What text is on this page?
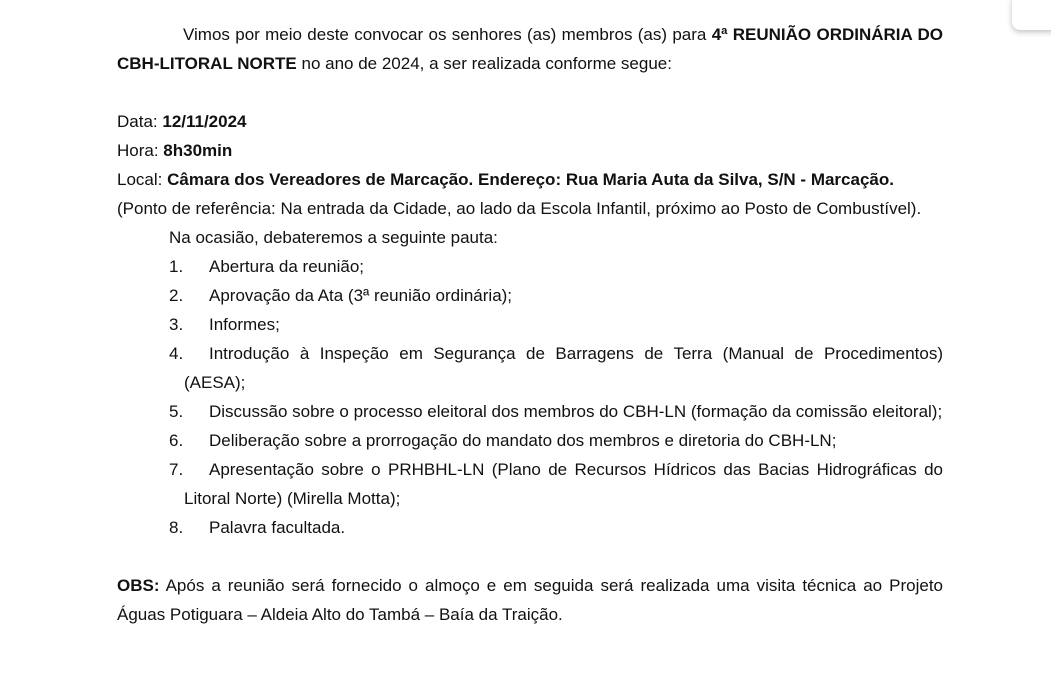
Vimos por meio deste convocar os senhores (as) membros (as) para 4ª REUNIÃO ORDINÁRIA DO CBH-LITORAL NORTE no ano de 2024, a ser realizada conforme segue:

Data: 12/11/2024

Hora: 8h30min

Local: Câmara dos Vereadores de Marcação. Endereço: Rua Maria Auta da Silva, S/N - Marcação.

(Ponto de referência: Na entrada da Cidade, ao lado da Escola Infantil, próximo ao Posto de Combustível).

Na ocasião, debateremos a seguinte pauta:

1. Abertura da reunião;
2. Aprovação da Ata (3ª reunião ordinária);
3. Informes;
4. Introdução à Inspeção em Segurança de Barragens de Terra (Manual de Procedimentos) (AESA);
5. Discussão sobre o processo eleitoral dos membros do CBH-LN (formação da comissão eleitoral);
6. Deliberação sobre a prorrogação do mandato dos membros e diretoria do CBH-LN;
7. Apresentação sobre o PRHBHL-LN (Plano de Recursos Hídricos das Bacias Hidrográficas do Litoral Norte) (Mirella Motta);
8. Palavra facultada.

OBS: Após a reunião será fornecido o almoço e em seguida será realizada uma visita técnica ao Projeto Águas Potiguara – Aldeia Alto do Tambá – Baía da Traição.
